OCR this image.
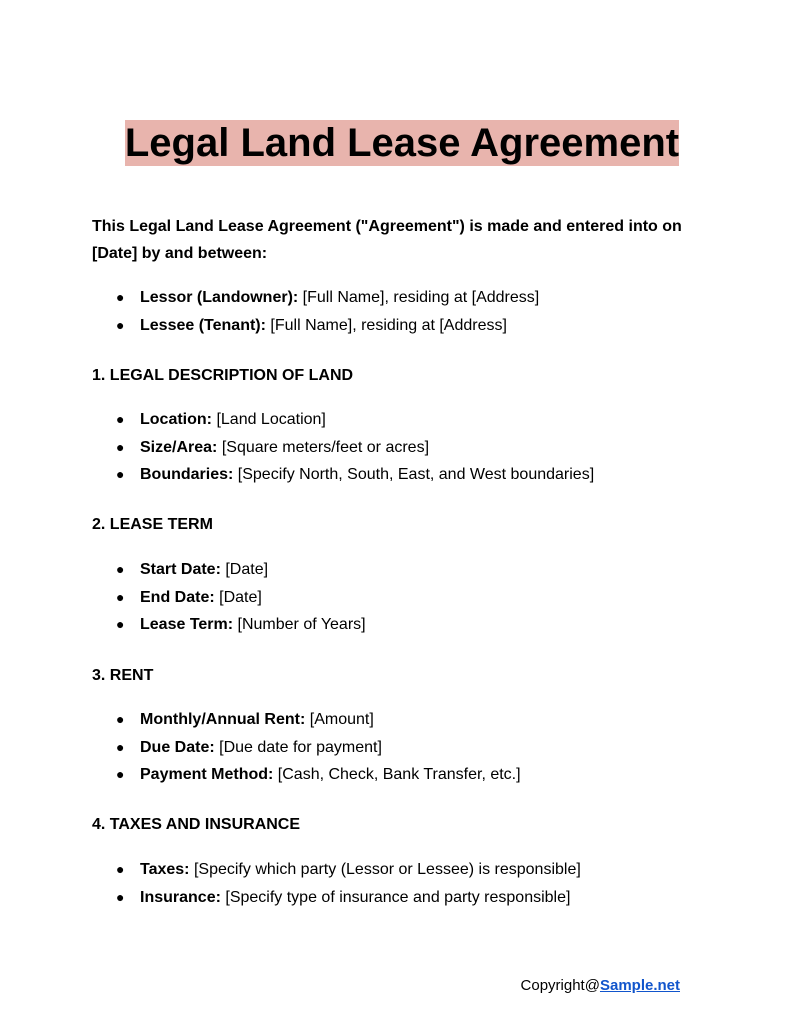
Legal Land Lease Agreement
This Legal Land Lease Agreement ("Agreement") is made and entered into on [Date] by and between:
● Lessor (Landowner): [Full Name], residing at [Address]
● Lessee (Tenant): [Full Name], residing at [Address]
1. LEGAL DESCRIPTION OF LAND
● Location: [Land Location]
● Size/Area: [Square meters/feet or acres]
● Boundaries: [Specify North, South, East, and West boundaries]
2. LEASE TERM
● Start Date: [Date]
● End Date: [Date]
● Lease Term: [Number of Years]
3. RENT
● Monthly/Annual Rent: [Amount]
● Due Date: [Due date for payment]
● Payment Method: [Cash, Check, Bank Transfer, etc.]
4. TAXES AND INSURANCE
● Taxes: [Specify which party (Lessor or Lessee) is responsible]
● Insurance: [Specify type of insurance and party responsible]
Copyright@Sample.net
